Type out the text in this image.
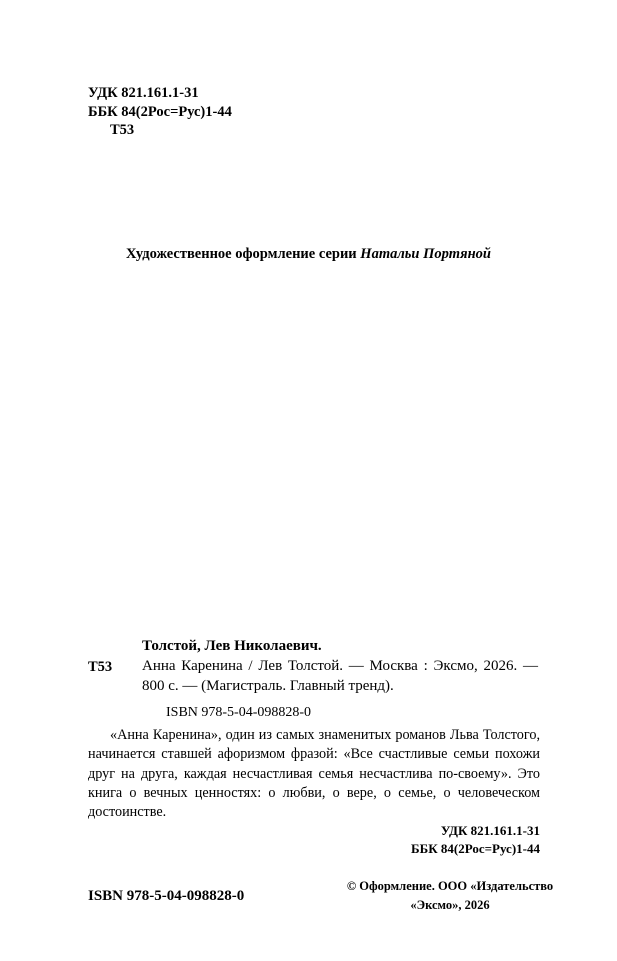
УДК 821.161.1-31
ББК 84(2Рос=Рус)1-44
Т53
Художественное оформление серии Натальи Портяной
Толстой, Лев Николаевич.
Т53 Анна Каренина / Лев Толстой. — Москва : Эксмо, 2026. — 800 с. — (Магистраль. Главный тренд).
ISBN 978-5-04-098828-0
«Анна Каренина», один из самых знаменитых романов Льва Толстого, начинается ставшей афоризмом фразой: «Все счастливые семьи похожи друг на друга, каждая несчастливая семья несчастлива по-своему». Это книга о вечных ценностях: о любви, о вере, о семье, о человеческом достоинстве.
УДК 821.161.1-31
ББК 84(2Рос=Рус)1-44
ISBN 978-5-04-098828-0
© Оформление. ООО «Издательство
«Эксмо», 2026
